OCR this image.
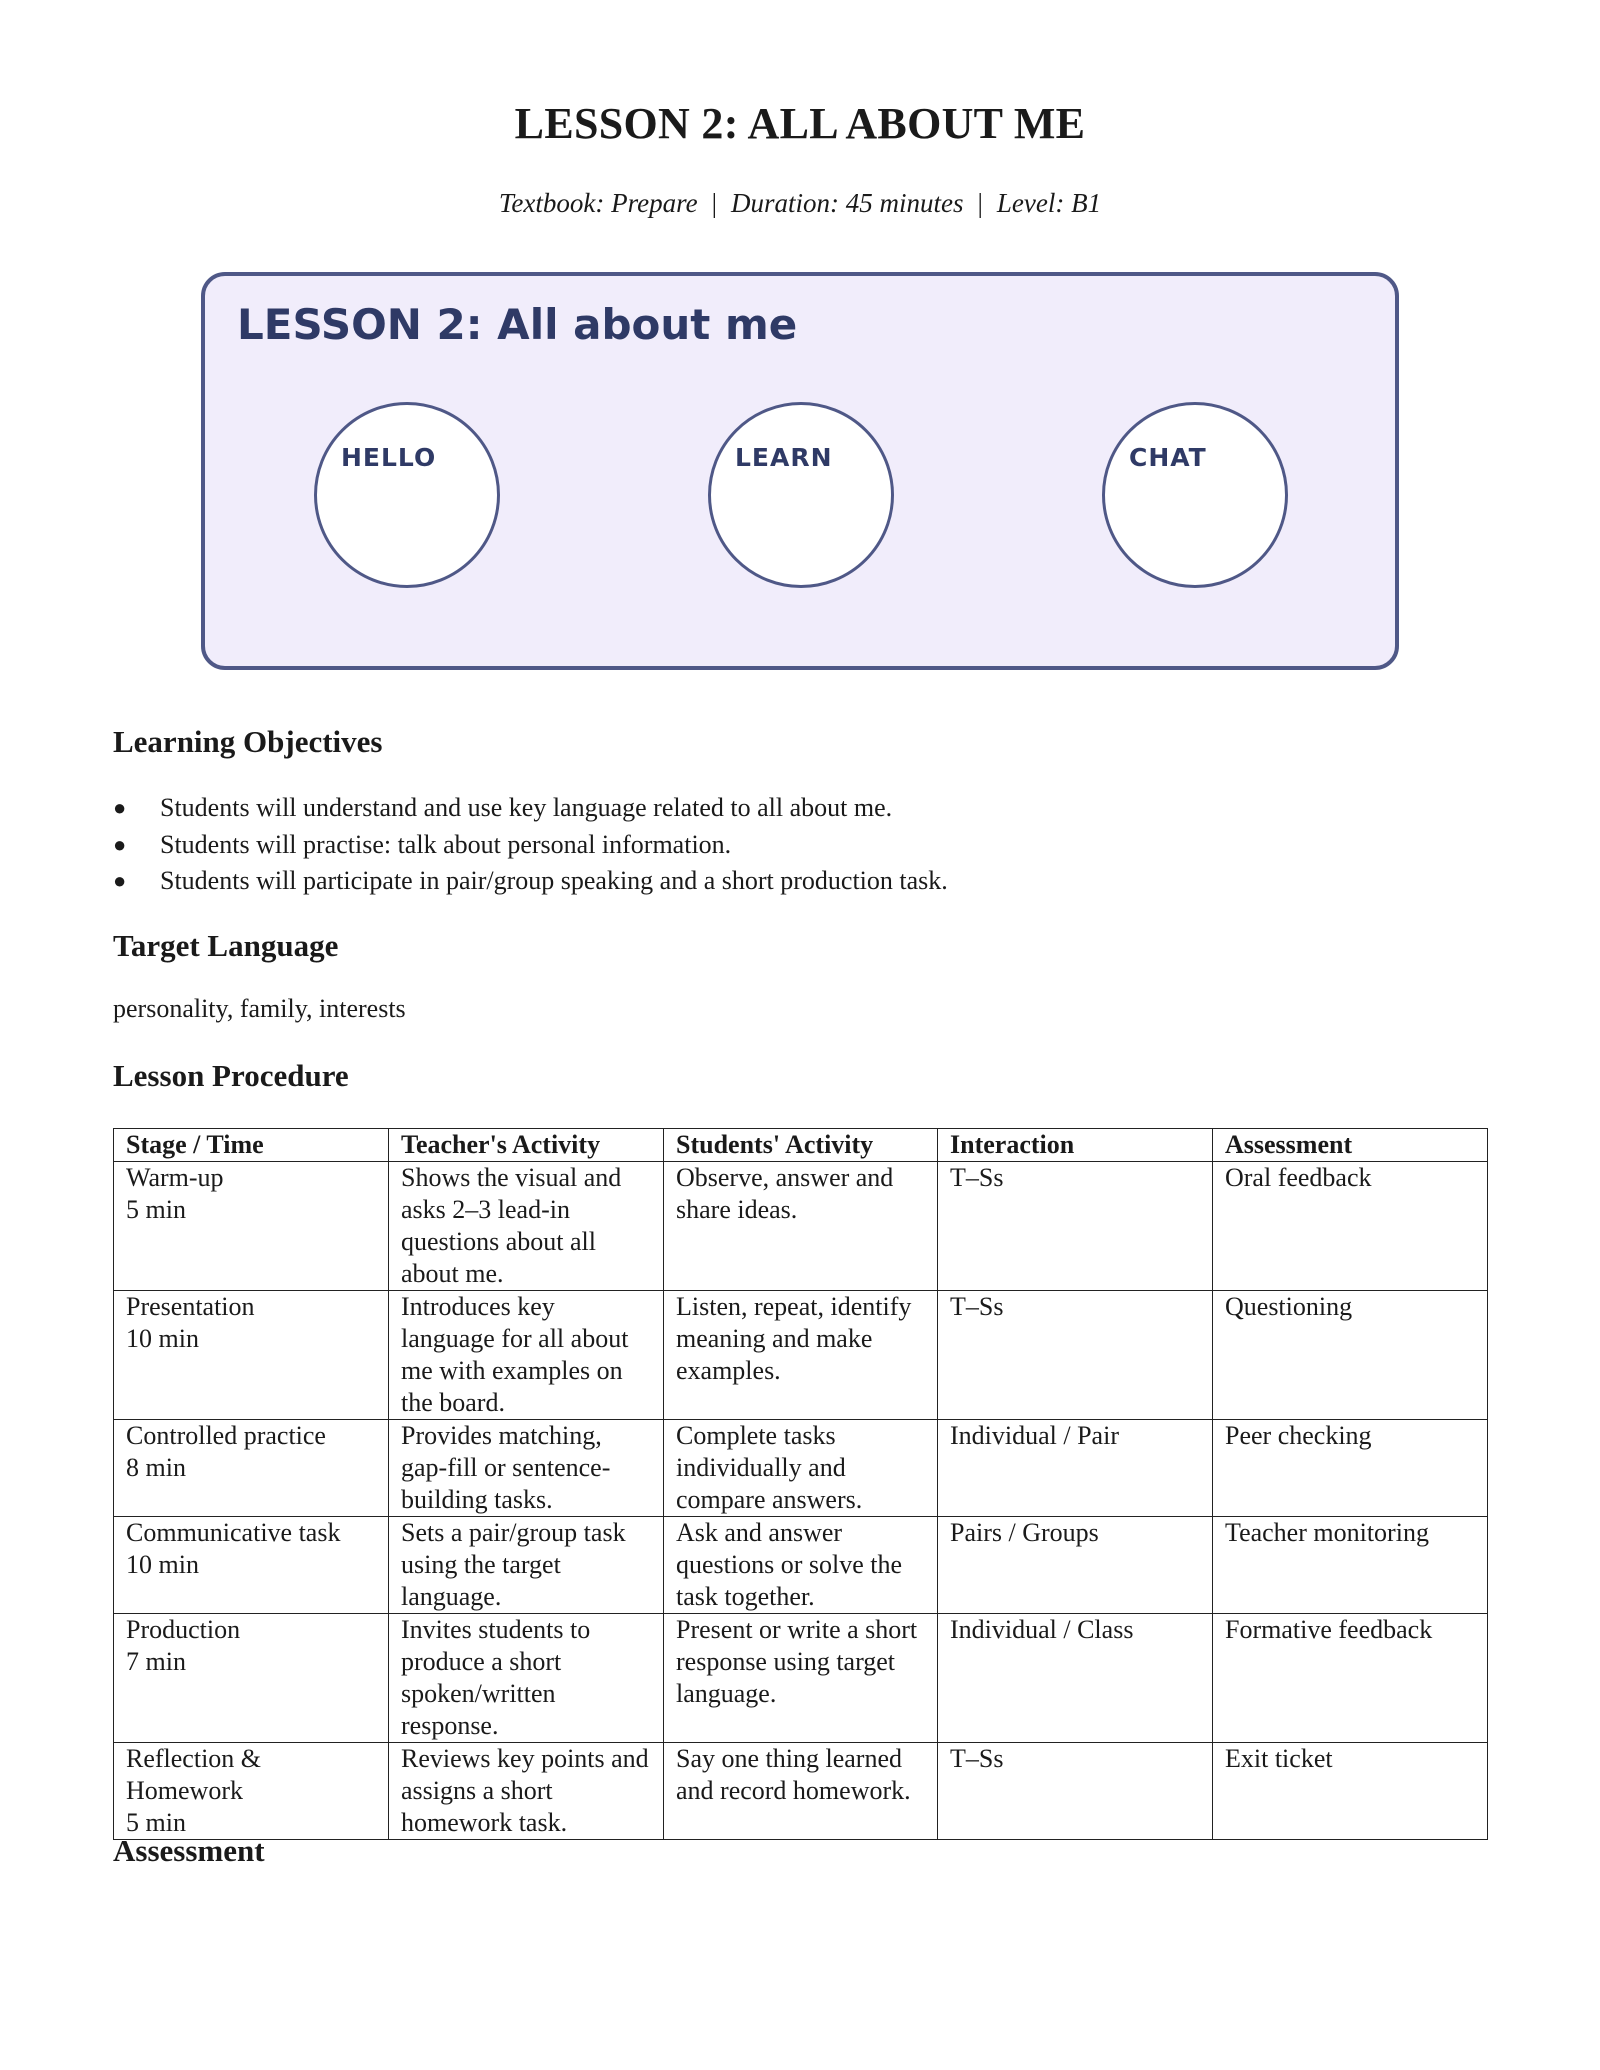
LESSON 2: ALL ABOUT ME
Textbook: Prepare | Duration: 45 minutes | Level: B1
LESSON 2: All about me
HELLO	LEARN	CHAT
Learning Objectives
● Students will understand and use key language related to all about me.
● Students will practise: talk about personal information.
● Students will participate in pair/group speaking and a short production task.
Target Language
personality, family, interests
Lesson Procedure
Stage / Time	Teacher's Activity	Students' Activity	Interaction	Assessment

Warm-up
5 min	Shows the visual and asks 2–3 lead-in questions about all about me.	Observe, answer and share ideas.	T–Ss	Oral feedback

Presentation
10 min	Introduces key language for all about me with examples on the board.	Listen, repeat, identify meaning and make examples.	T–Ss	Questioning

Controlled practice
8 min	Provides matching, gap-fill or sentence-building tasks.	Complete tasks individually and compare answers.	Individual / Pair	Peer checking

Communicative task
10 min	Sets a pair/group task using the target language.	Ask and answer questions or solve the task together.	Pairs / Groups	Teacher monitoring

Production
7 min	Invites students to produce a short spoken/written response.	Present or write a short response using target language.	Individual / Class	Formative feedback

Reflection & Homework
5 min	Reviews key points and assigns a short homework task.	Say one thing learned and record homework.	T–Ss	Exit ticket
Assessment
